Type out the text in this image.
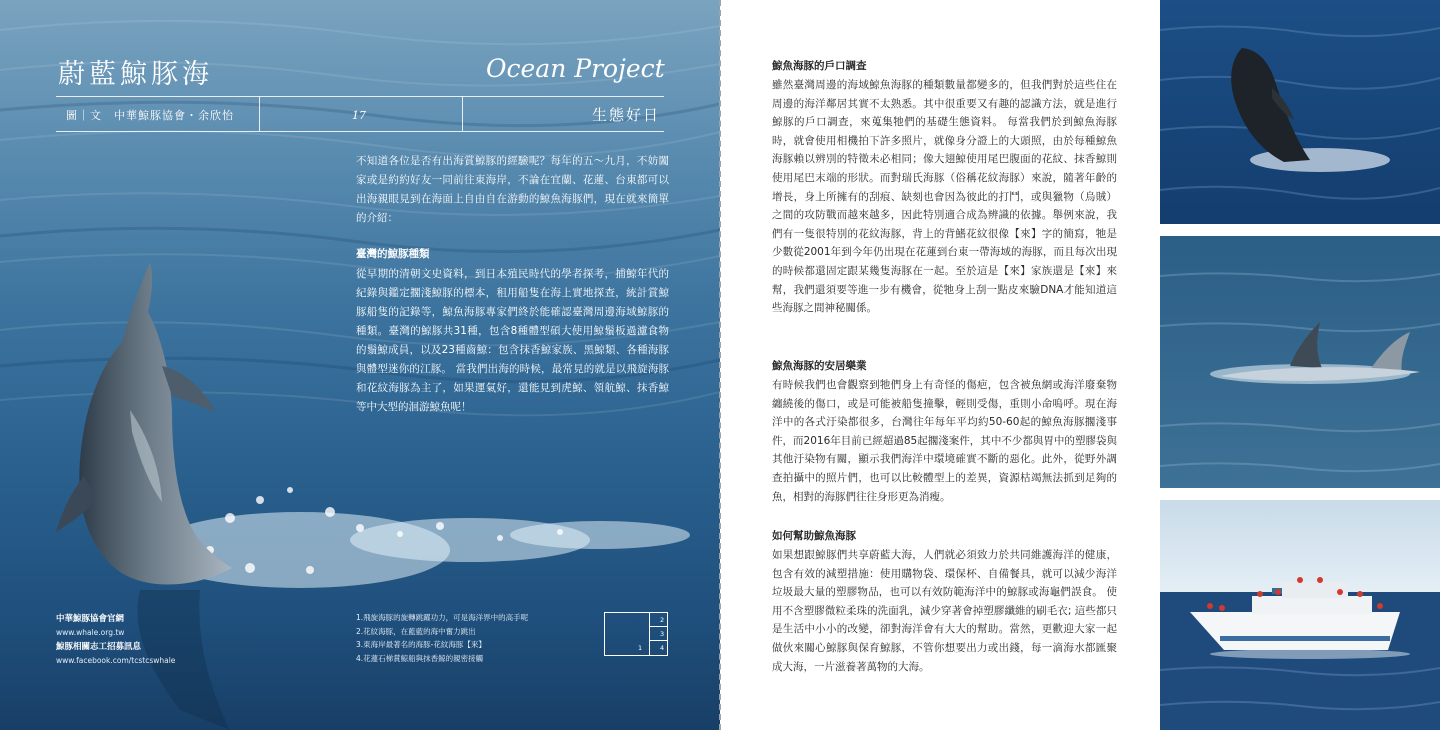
蔚藍鯨豚海	Ocean Project
圖｜文　中華鯨豚協會・余欣怡	17	生態好日

不知道各位是否有出海賞鯨豚的經驗呢？每年的五～九月，不妨闔家或是約約好友一同前往東海岸，不論在宜蘭、花蓮、台東都可以出海親眼見到在海面上自由自在游動的鯨魚海豚們，現在就來簡單的介紹：

臺灣的鯨豚種類

從早期的清朝文史資料，到日本殖民時代的學者探考，捕鯨年代的紀錄與鑑定擱淺鯨豚的標本，租用船隻在海上實地探查，統計賞鯨豚船隻的記錄等，鯨魚海豚專家們終於能確認臺灣周邊海域鯨豚的種類。臺灣的鯨豚共31種，包含8種體型碩大使用鯨鬚板過濾食物的鬚鯨成員，以及23種齒鯨：包含抹香鯨家族、黑鯨類、各種海豚與體型迷你的江豚。 當我們出海的時候，最常見的就是以飛旋海豚和花紋海豚為主了，如果運氣好，還能見到虎鯨、領航鯨、抹香鯨等中大型的洄游鯨魚呢！

中華鯨豚協會官網
www.whale.org.tw
鯨豚相關志工招募訊息
www.facebook.com/tcstcswhale
1.飛旋海豚的旋轉跳躍功力，可是海洋界中的高手呢
2.花紋海豚，在藍藍的海中奮力跳出
3.東海岸最著名的海豚-花紋海豚【來】
4.花蓮石梯賞鯨船與抹香鯨的親密接觸
1
2
3
4
鯨魚海豚的戶口調查

雖然臺灣周邊的海域鯨魚海豚的種類數量都變多的，但我們對於這些住在周邊的海洋鄰居其實不太熟悉。其中很重要又有趣的認識方法，就是進行鯨豚的戶口調查，來蒐集牠們的基礎生態資料。 每當我們於到鯨魚海豚時，就會使用相機拍下許多照片，就像身分證上的大頭照，由於每種鯨魚海豚賴以辨別的特徵未必相同；像大翅鯨使用尾巴腹面的花紋、抹香鯨則使用尾巴末端的形狀。而對瑞氏海豚（俗稱花紋海豚）來說，隨著年齡的增長，身上所擁有的刮痕、缺刻也會因為彼此的打鬥，或與獵物（烏賊）之間的攻防戰而越來越多，因此特別適合成為辨識的依據。舉例來說，我們有一隻很特別的花紋海豚，背上的背鰭花紋很像【來】字的簡寫，牠是少數從2001年到今年仍出現在花蓮到台東一帶海域的海豚，而且每次出現的時候都還固定跟某幾隻海豚在一起。至於這是【來】家族還是【來】來幫，我們還須要等進一步有機會，從牠身上刮一點皮來驗DNA才能知道這些海豚之間神秘關係。

鯨魚海豚的安居樂業

有時候我們也會觀察到牠們身上有奇怪的傷疤，包含被魚網或海洋廢棄物纏繞後的傷口，或是可能被船隻撞擊，輕則受傷，重則小命嗚呼。現在海洋中的各式汙染都很多，台灣往年每年平均約50-60起的鯨魚海豚擱淺事件，而2016年目前已經超過85起擱淺案件，其中不少都與胃中的塑膠袋與其他汙染物有關，顯示我們海洋中環境確實不斷的惡化。此外，從野外調查拍攝中的照片們，也可以比較體型上的差異，資源枯竭無法抓到足夠的魚，相對的海豚們往往身形更為消瘦。

如何幫助鯨魚海豚

如果想跟鯨豚們共享蔚藍大海，人們就必須致力於共同維護海洋的健康，包含有效的減塑措施：使用購物袋、環保杯、自備餐具，就可以減少海洋垃圾最大量的塑膠物品，也可以有效防範海洋中的鯨豚或海龜們誤食。 使用不含塑膠微粒柔珠的洗面乳，減少穿著會掉塑膠纖維的刷毛衣; 這些都只是生活中小小的改變，卻對海洋會有大大的幫助。當然，更歡迎大家一起做伙來關心鯨豚與保育鯨豚，不管你想要出力或出錢，每一滴海水都匯聚成大海，一片滋養著萬物的大海。
